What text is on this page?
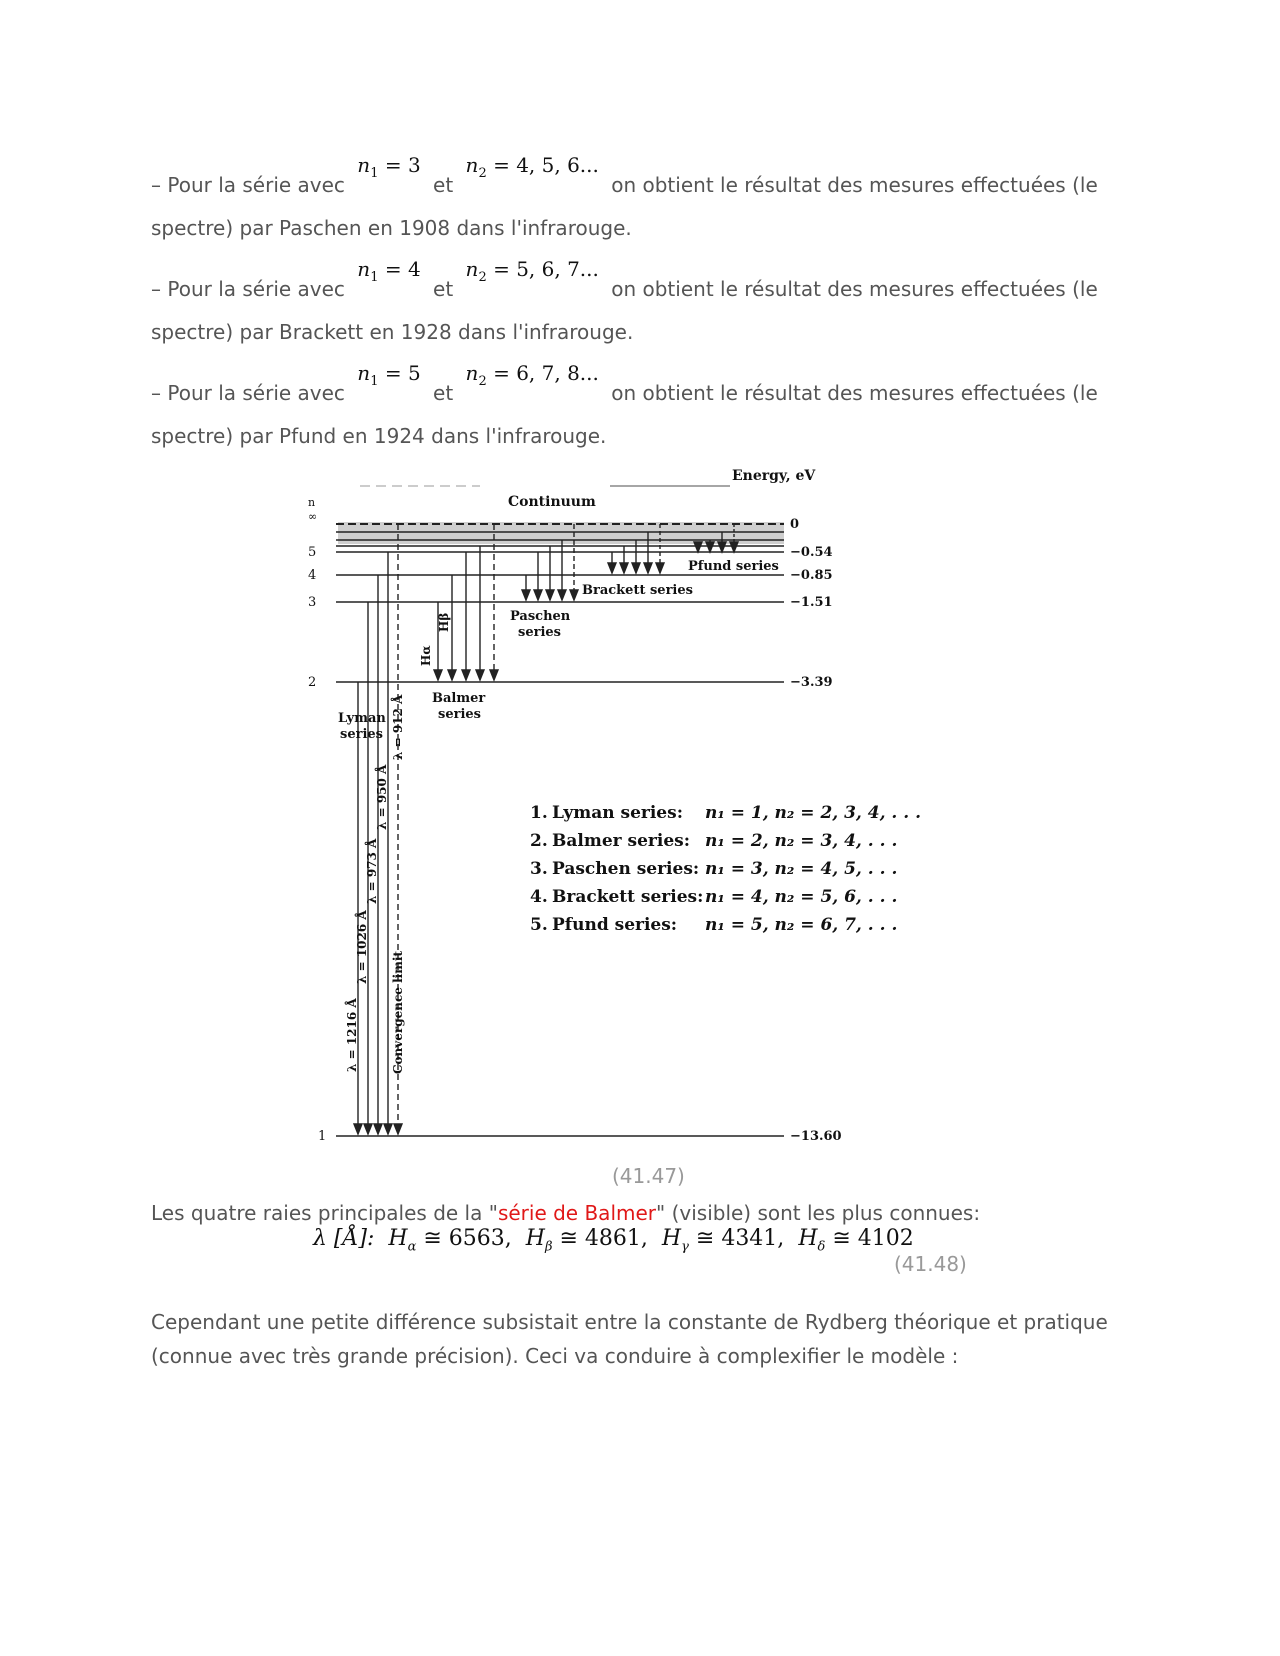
– Pour la série avec $n_1 = 3$ et $n_2 = 4$, 5, 6... on obtient le résultat des mesures effectuées (le spectre) par Paschen en 1908 dans l'infrarouge.
– Pour la série avec $n_1 = 4$ et $n_2 = 5$, 6, 7... on obtient le résultat des mesures effectuées (le spectre) par Brackett en 1928 dans l'infrarouge.
– Pour la série avec $n_1 = 5$ et $n_2 = 6$, 7, 8... on obtient le résultat des mesures effectuées (le spectre) par Pfund en 1924 dans l'infrarouge.
Energy, eV
Continuum
n
∞
5
4
3
2
1
0
−0.54
−0.85
−1.51
−3.39
−13.60
Pfund series
Brackett series
Paschen
series
Balmer
series
Lyman
series
Hα
Hβ
λ = 1216 Å
λ = 1026 Å
λ = 973 Å
λ = 950 Å
λ = 912 Å
Convergence limit
1. Lyman series: n₁ = 1, n₂ = 2, 3, 4, . . .
2. Balmer series: n₁ = 2, n₂ = 3, 4, . . .
3. Paschen series: n₁ = 3, n₂ = 4, 5, . . .
4. Brackett series: n₁ = 4, n₂ = 5, 6, . . .
5. Pfund series: n₁ = 5, n₂ = 6, 7, . . .
(41.47)
Les quatre raies principales de la "série de Balmer" (visible) sont les plus connues:
λ [Å]: $H_\alpha$ ≅ 6563, $H_\beta$ ≅ 4861, $H_\gamma$ ≅ 4341, $H_\delta$ ≅ 4102
(41.48)
Cependant une petite différence subsistait entre la constante de Rydberg théorique et pratique (connue avec très grande précision). Ceci va conduire à complexifier le modèle :
